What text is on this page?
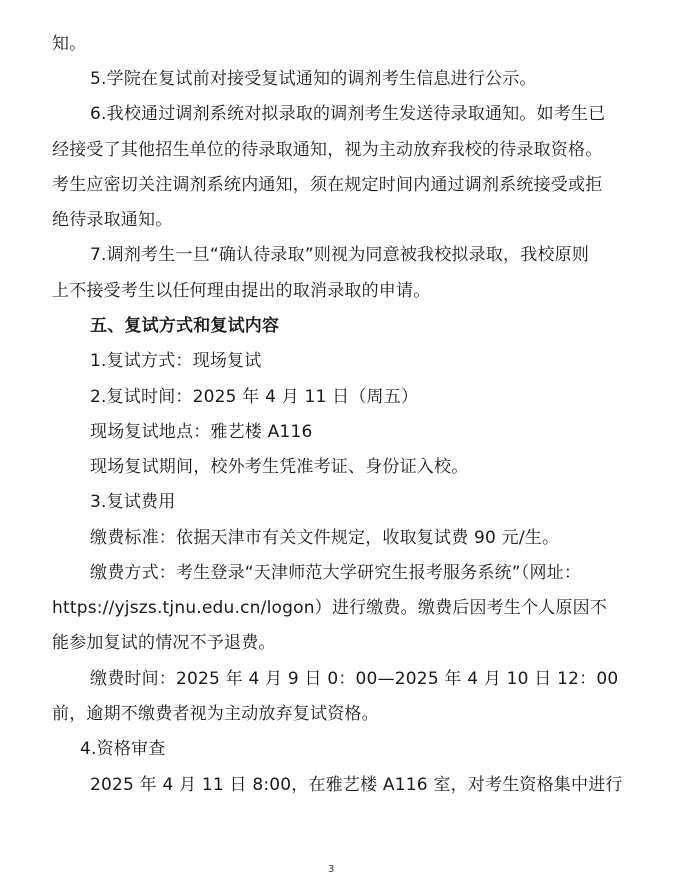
知。
5.学院在复试前对接受复试通知的调剂考生信息进行公示。
6.我校通过调剂系统对拟录取的调剂考生发送待录取通知。如考生已
经接受了其他招生单位的待录取通知，视为主动放弃我校的待录取资格。
考生应密切关注调剂系统内通知，须在规定时间内通过调剂系统接受或拒
绝待录取通知。
7.调剂考生一旦“确认待录取”则视为同意被我校拟录取，我校原则
上不接受考生以任何理由提出的取消录取的申请。
五、复试方式和复试内容
1.复试方式：现场复试
2.复试时间：2025 年 4 月 11 日（周五）
现场复试地点：雅艺楼 A116
现场复试期间，校外考生凭准考证、身份证入校。
3.复试费用
缴费标准：依据天津市有关文件规定，收取复试费 90 元/生。
缴费方式：考生登录“天津师范大学研究生报考服务系统”（网址：
https://yjszs.tjnu.edu.cn/logon）进行缴费。缴费后因考生个人原因不
能参加复试的情况不予退费。
缴费时间：2025 年 4 月 9 日 0：00—2025 年 4 月 10 日 12：00
前，逾期不缴费者视为主动放弃复试资格。
4.资格审查
2025 年 4 月 11 日 8:00，在雅艺楼 A116 室，对考生资格集中进行
3
